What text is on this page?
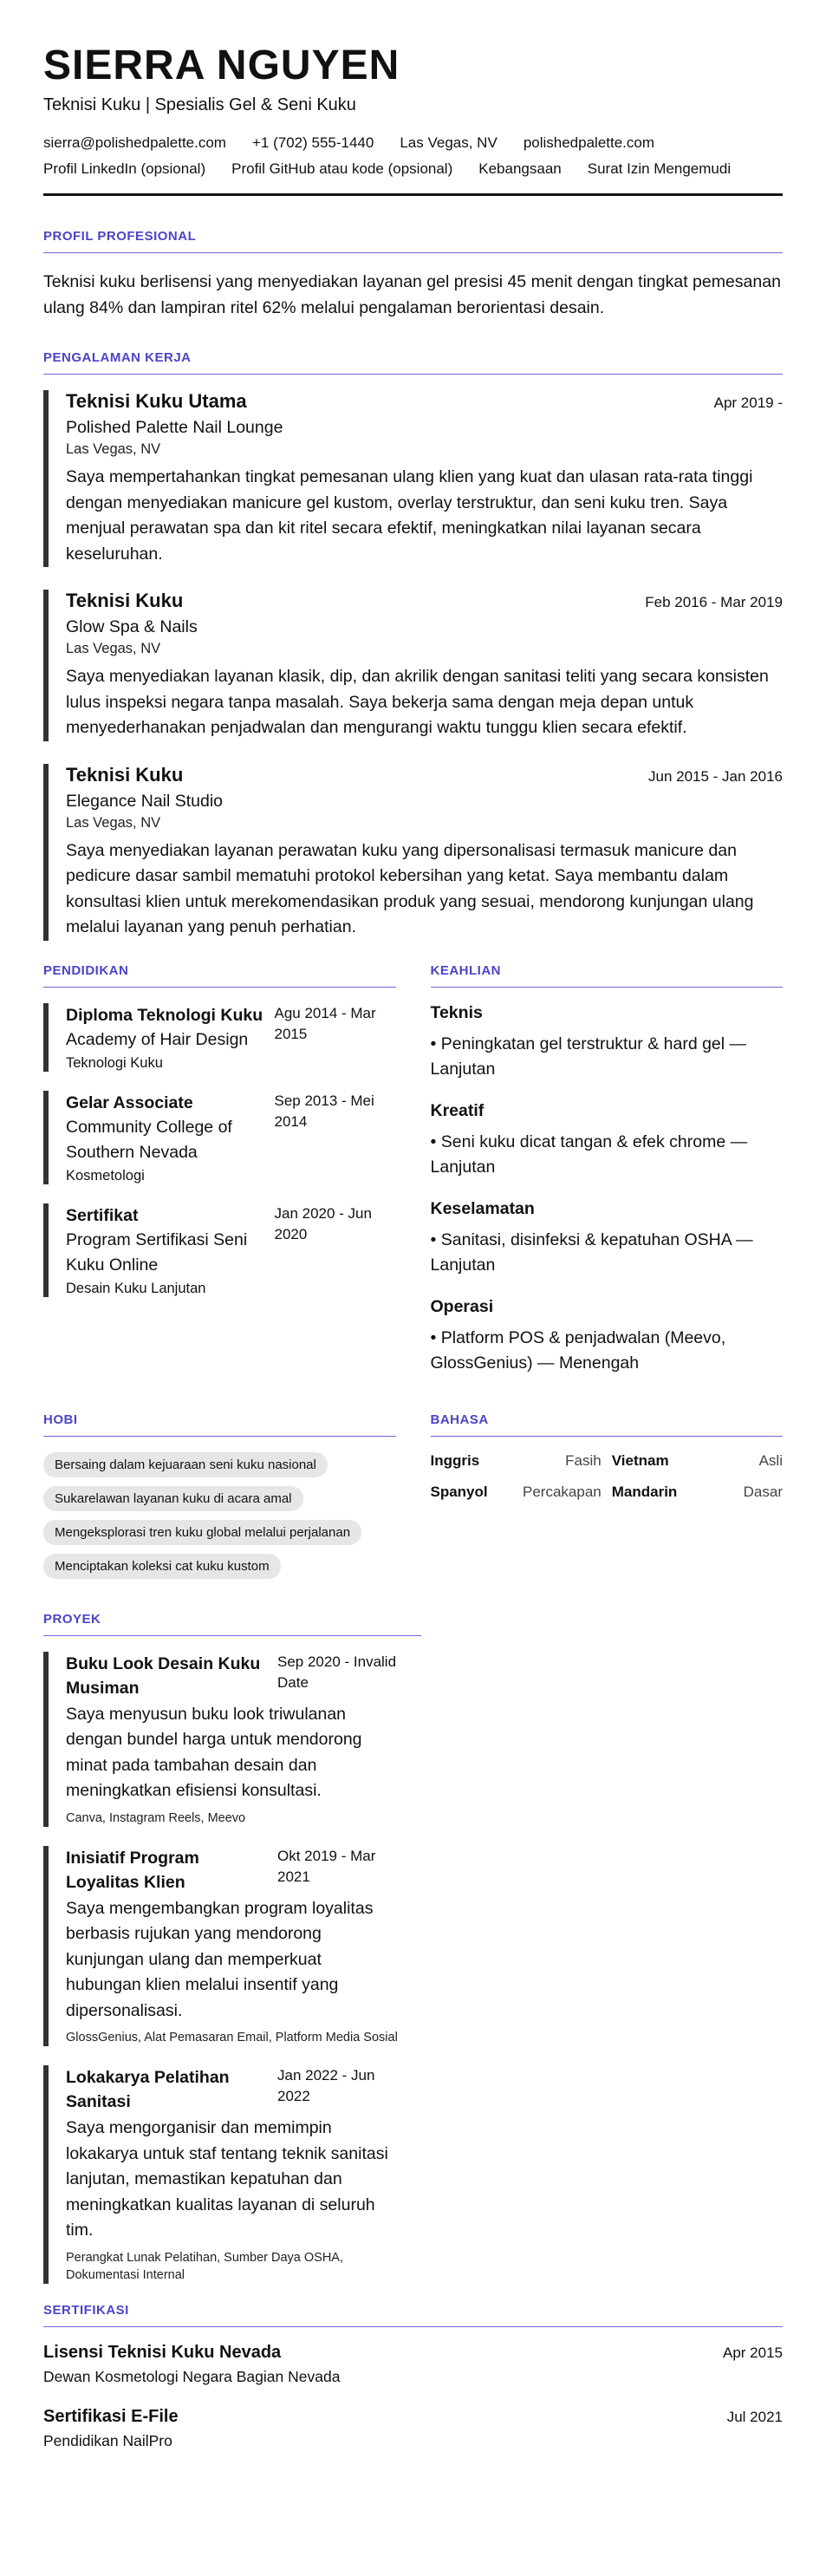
SIERRA NGUYEN
Teknisi Kuku | Spesialis Gel & Seni Kuku
sierra@polishedpalette.com +1 (702) 555-1440 Las Vegas, NV polishedpalette.com
Profil LinkedIn (opsional) Profil GitHub atau kode (opsional) Kebangsaan Surat Izin Mengemudi
PROFIL PROFESIONAL

Teknisi kuku berlisensi yang menyediakan layanan gel presisi 45 menit dengan tingkat pemesanan ulang 84% dan lampiran ritel 62% melalui pengalaman berorientasi desain.

PENGALAMAN KERJA
Teknisi Kuku Utama	Apr 2019 -
Polished Palette Nail Lounge
Las Vegas, NV

Saya mempertahankan tingkat pemesanan ulang klien yang kuat dan ulasan rata-rata tinggi dengan menyediakan manicure gel kustom, overlay terstruktur, dan seni kuku tren. Saya menjual perawatan spa dan kit ritel secara efektif, meningkatkan nilai layanan secara keseluruhan.

Teknisi Kuku	Feb 2016 - Mar 2019
Glow Spa & Nails
Las Vegas, NV

Saya menyediakan layanan klasik, dip, dan akrilik dengan sanitasi teliti yang secara konsisten lulus inspeksi negara tanpa masalah. Saya bekerja sama dengan meja depan untuk menyederhanakan penjadwalan dan mengurangi waktu tunggu klien secara efektif.

Teknisi Kuku	Jun 2015 - Jan 2016
Elegance Nail Studio
Las Vegas, NV

Saya menyediakan layanan perawatan kuku yang dipersonalisasi termasuk manicure dan pedicure dasar sambil mematuhi protokol kebersihan yang ketat. Saya membantu dalam konsultasi klien untuk merekomendasikan produk yang sesuai, mendorong kunjungan ulang melalui layanan yang penuh perhatian.

PENDIDIKAN
Diploma Teknologi Kuku
Academy of Hair Design
Teknologi Kuku
Agu 2014 - Mar 2015
Gelar Associate
Community College of Southern Nevada
Kosmetologi
Sep 2013 - Mei 2014
Sertifikat
Program Sertifikasi Seni Kuku Online
Desain Kuku Lanjutan
Jan 2020 - Jun 2020
KEAHLIAN
Teknis
• Peningkatan gel terstruktur & hard gel — Lanjutan
Kreatif
• Seni kuku dicat tangan & efek chrome — Lanjutan
Keselamatan
• Sanitasi, disinfeksi & kepatuhan OSHA — Lanjutan
Operasi
• Platform POS & penjadwalan (Meevo, GlossGenius) — Menengah
HOBI
Bersaing dalam kejuaraan seni kuku nasional
Sukarelawan layanan kuku di acara amal
Mengeksplorasi tren kuku global melalui perjalanan
Menciptakan koleksi cat kuku kustom
BAHASA
Inggris	Fasih Vietnam	Asli
Spanyol Percakapan Mandarin	Dasar
PROYEK
Buku Look Desain Kuku Musiman
Sep 2020 - Invalid Date

Saya menyusun buku look triwulanan dengan bundel harga untuk mendorong minat pada tambahan desain dan meningkatkan efisiensi konsultasi.

Canva, Instagram Reels, Meevo
Inisiatif Program Loyalitas Klien
Okt 2019 - Mar 2021

Saya mengembangkan program loyalitas berbasis rujukan yang mendorong kunjungan ulang dan memperkuat hubungan klien melalui insentif yang dipersonalisasi.

GlossGenius, Alat Pemasaran Email, Platform Media Sosial
Lokakarya Pelatihan Sanitasi
Jan 2022 - Jun 2022

Saya mengorganisir dan memimpin lokakarya untuk staf tentang teknik sanitasi lanjutan, memastikan kepatuhan dan meningkatkan kualitas layanan di seluruh tim.

Perangkat Lunak Pelatihan, Sumber Daya OSHA, Dokumentasi Internal
SERTIFIKASI
Lisensi Teknisi Kuku Nevada	Apr 2015
Dewan Kosmetologi Negara Bagian Nevada
Sertifikasi E-File	Jul 2021
Pendidikan NailPro
